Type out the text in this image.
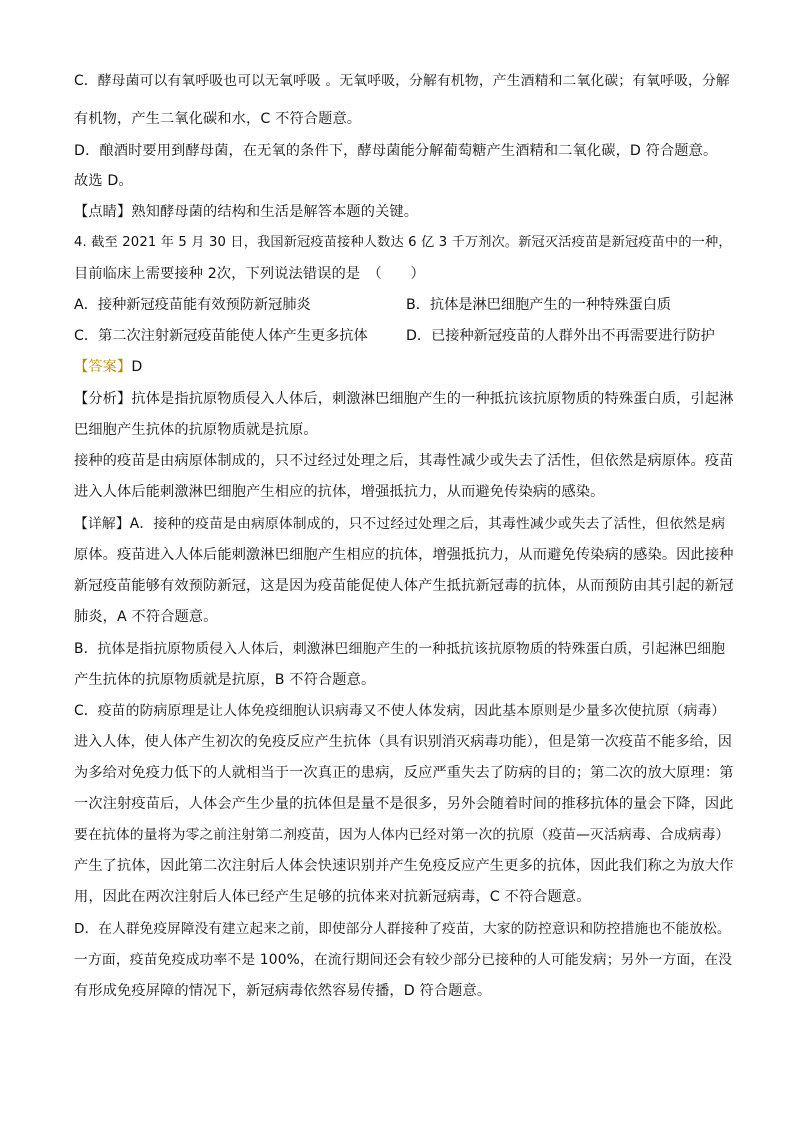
C．酵母菌可以有氧呼吸也可以无氧呼吸 。无氧呼吸，分解有机物，产生酒精和二氧化碳；有氧呼吸，分解
有机物，产生二氧化碳和水，C 不符合题意。
D．酿酒时要用到酵母菌，在无氧的条件下，酵母菌能分解葡萄糖产生酒精和二氧化碳，D 符合题意。
故选 D。
【点睛】熟知酵母菌的结构和生活是解答本题的关键。
4. 截至 2021 年 5 月 30 日，我国新冠疫苗接种人数达 6 亿 3 千万剂次。新冠灭活疫苗是新冠疫苗中的一种，
目前临床上需要接种 2次，下列说法错误的是　（　　）
A．接种新冠疫苗能有效预防新冠肺炎	B．抗体是淋巴细胞产生的一种特殊蛋白质
C．第二次注射新冠疫苗能使人体产生更多抗体	D．已接种新冠疫苗的人群外出不再需要进行防护
【答案】D
【分析】抗体是指抗原物质侵入人体后，刺激淋巴细胞产生的一种抵抗该抗原物质的特殊蛋白质，引起淋
巴细胞产生抗体的抗原物质就是抗原。
接种的疫苗是由病原体制成的，只不过经过处理之后，其毒性减少或失去了活性，但依然是病原体。疫苗
进入人体后能刺激淋巴细胞产生相应的抗体，增强抵抗力，从而避免传染病的感染。
【详解】A．接种的疫苗是由病原体制成的，只不过经过处理之后，其毒性减少或失去了活性，但依然是病
原体。疫苗进入人体后能刺激淋巴细胞产生相应的抗体，增强抵抗力，从而避免传染病的感染。因此接种
新冠疫苗能够有效预防新冠，这是因为疫苗能促使人体产生抵抗新冠毒的抗体，从而预防由其引起的新冠
肺炎，A 不符合题意。
B．抗体是指抗原物质侵入人体后，刺激淋巴细胞产生的一种抵抗该抗原物质的特殊蛋白质，引起淋巴细胞
产生抗体的抗原物质就是抗原，B 不符合题意。
C．疫苗的防病原理是让人体免疫细胞认识病毒又不使人体发病，因此基本原则是少量多次使抗原（病毒）
进入人体，使人体产生初次的免疫反应产生抗体（具有识别消灭病毒功能），但是第一次疫苗不能多给，因
为多给对免疫力低下的人就相当于一次真正的患病，反应严重失去了防病的目的；第二次的放大原理：第
一次注射疫苗后，人体会产生少量的抗体但是量不是很多，另外会随着时间的推移抗体的量会下降，因此
要在抗体的量将为零之前注射第二剂疫苗，因为人体内已经对第一次的抗原（疫苗—灭活病毒、合成病毒）
产生了抗体，因此第二次注射后人体会快速识别并产生免疫反应产生更多的抗体，因此我们称之为放大作
用，因此在两次注射后人体已经产生足够的抗体来对抗新冠病毒，C 不符合题意。
D．在人群免疫屏障没有建立起来之前，即使部分人群接种了疫苗，大家的防控意识和防控措施也不能放松。
一方面，疫苗免疫成功率不是 100%，在流行期间还会有较少部分已接种的人可能发病；另外一方面，在没
有形成免疫屏障的情况下，新冠病毒依然容易传播，D 符合题意。
